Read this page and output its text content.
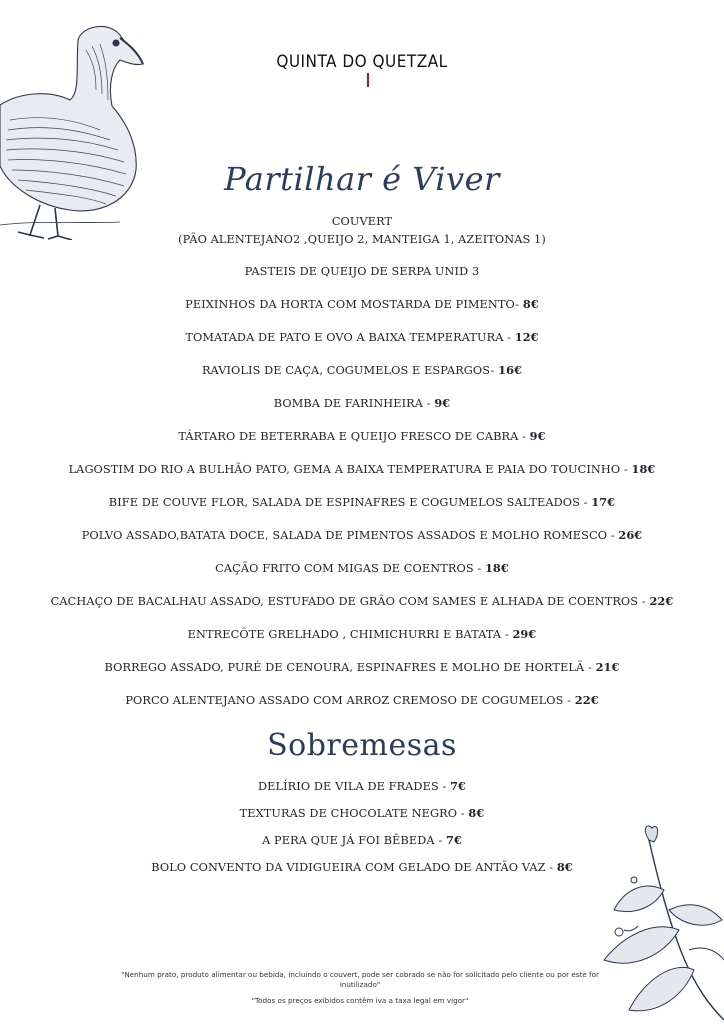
QUINTA DO QUETZAL
Partilhar é Viver
COUVERT
(PÃO ALENTEJANO2 ,QUEIJO 2, MANTEIGA 1, AZEITONAS 1)
PASTEIS DE QUEIJO DE SERPA UNID 3
PEIXINHOS DA HORTA COM MOSTARDA DE PIMENTO- 8€
TOMATADA DE PATO E OVO A BAIXA TEMPERATURA - 12€
RAVIOLIS DE CAÇA, COGUMELOS E ESPARGOS- 16€
BOMBA DE FARINHEIRA - 9€
TÁRTARO DE BETERRABA E QUEIJO FRESCO DE CABRA - 9€
LAGOSTIM DO RIO A BULHÃO PATO, GEMA A BAIXA TEMPERATURA E PAIA DO TOUCINHO - 18€
BIFE DE COUVE FLOR, SALADA DE ESPINAFRES E COGUMELOS SALTEADOS - 17€
POLVO ASSADO,BATATA DOCE, SALADA DE PIMENTOS ASSADOS E MOLHO ROMESCO - 26€
CAÇÃO FRITO COM MIGAS DE COENTROS - 18€
CACHAÇO DE BACALHAU ASSADO, ESTUFADO DE GRÃO COM SAMES E ALHADA DE COENTROS - 22€
ENTRECÔTE GRELHADO , CHIMICHURRI E BATATA - 29€
BORREGO ASSADO, PURÉ DE CENOURA, ESPINAFRES E MOLHO DE HORTELÃ - 21€
PORCO ALENTEJANO ASSADO COM ARROZ CREMOSO DE COGUMELOS - 22€
Sobremesas
DELÍRIO DE VILA DE FRADES - 7€
TEXTURAS DE CHOCOLATE NEGRO - 8€
A PERA QUE JÁ FOI BÊBEDA - 7€
BOLO CONVENTO DA VIDIGUEIRA COM GELADO DE ANTÃO VAZ - 8€
"Nenhum prato, produto alimentar ou bebida, incluindo o couvert, pode ser cobrado se não for solicitado pelo cliente ou por este for inutilizado"
"Todos os preços exibidos contêm iva a taxa legal em vigor"
